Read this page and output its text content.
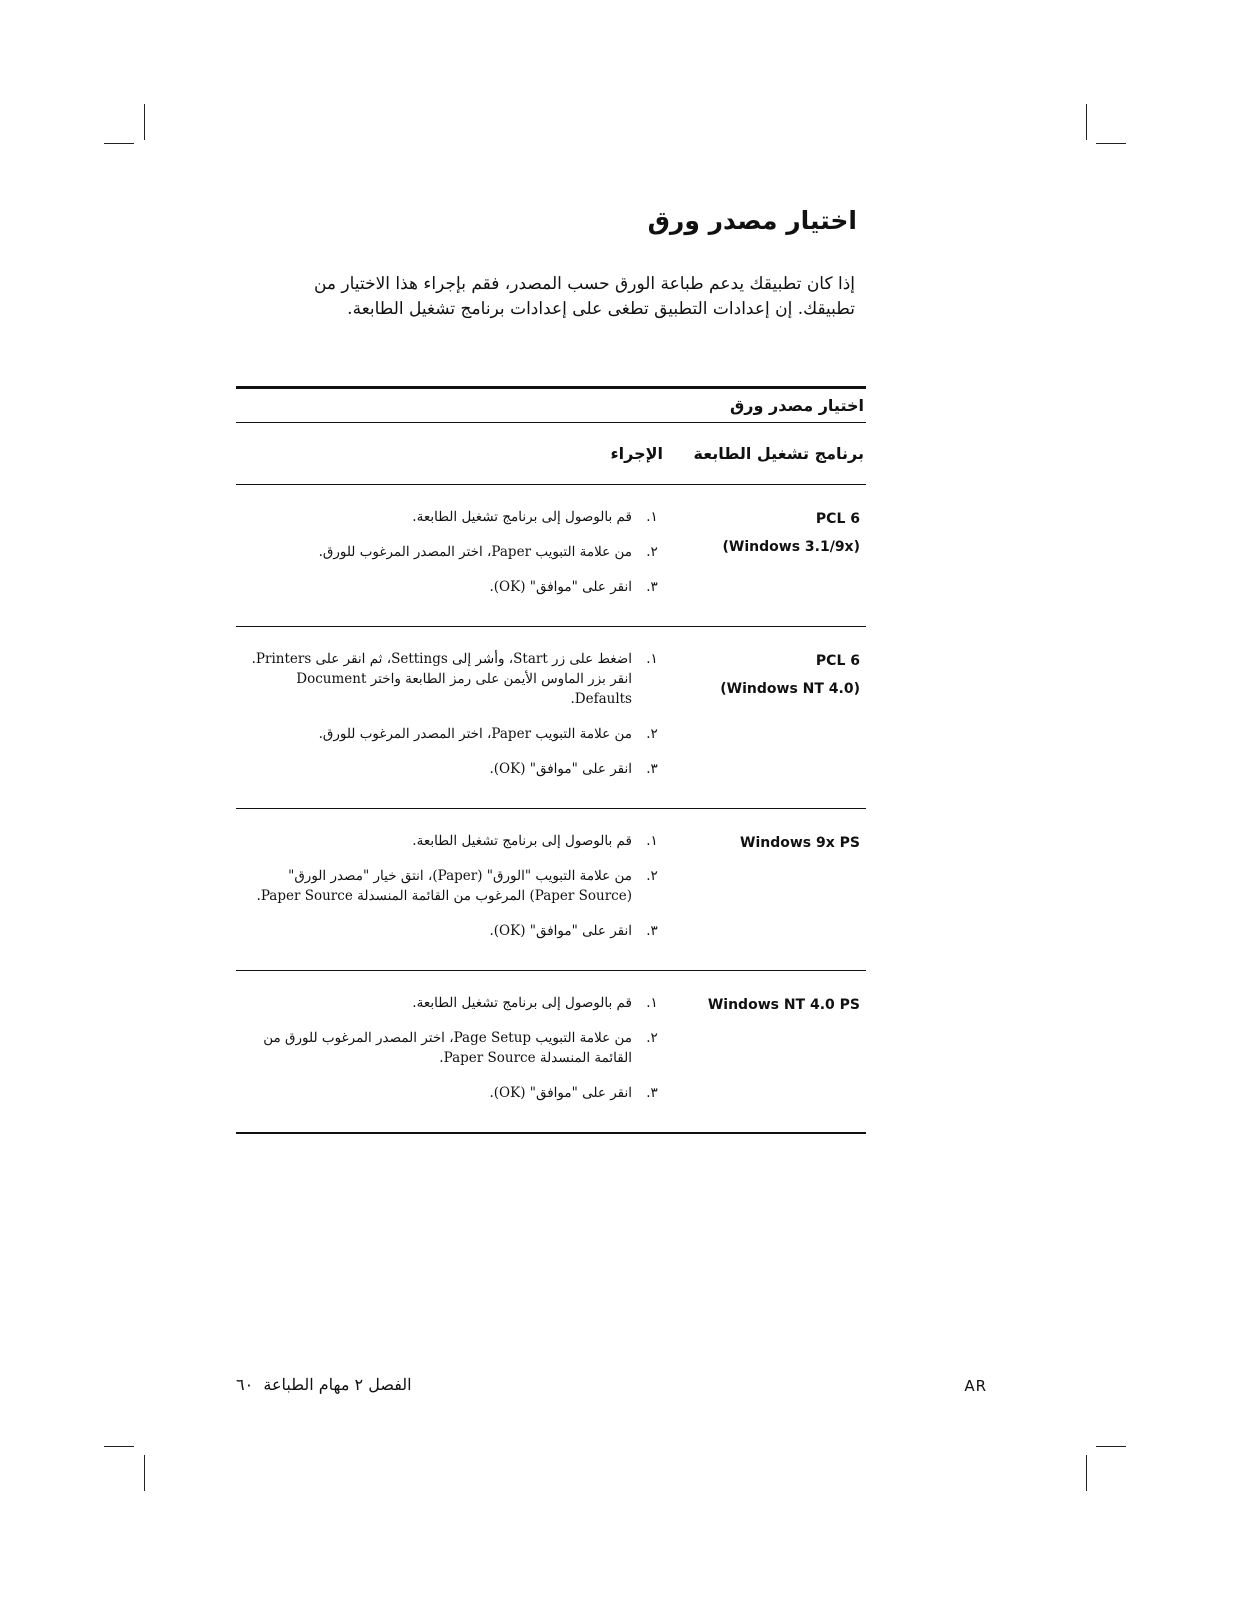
اختيار مصدر ورق
إذا كان تطبيقك يدعم طباعة الورق حسب المصدر، فقم بإجراء هذا الاختيار من تطبيقك. إن إعدادات التطبيق تطغى على إعدادات برنامج تشغيل الطابعة.
اختيار مصدر ورق
برنامج تشغيل الطابعة
الإجراء
PCL 6
(Windows 3.1/9x)
١.
قم بالوصول إلى برنامج تشغيل الطابعة.
٢.
من علامة التبويب Paper، اختر المصدر المرغوب للورق.
٣.
انقر على "موافق" (OK).
PCL 6
(Windows NT 4.0)
١.
اضغط على زر Start، وأشر إلى Settings، ثم انقر على Printers. انقر بزر الماوس الأيمن على رمز الطابعة واختر Document Defaults.
٢.
من علامة التبويب Paper، اختر المصدر المرغوب للورق.
٣.
انقر على "موافق" (OK).
Windows 9x PS
١.
قم بالوصول إلى برنامج تشغيل الطابعة.
٢.
من علامة التبويب "الورق" (Paper)، انتق خيار "مصدر الورق" (Paper Source) المرغوب من القائمة المنسدلة Paper Source.
٣.
انقر على "موافق" (OK).
Windows NT 4.0 PS
١.
قم بالوصول إلى برنامج تشغيل الطابعة.
٢.
من علامة التبويب Page Setup، اختر المصدر المرغوب للورق من القائمة المنسدلة Paper Source.
٣.
انقر على "موافق" (OK).
الفصل ٢ مهام الطباعة  ٦٠	AR
